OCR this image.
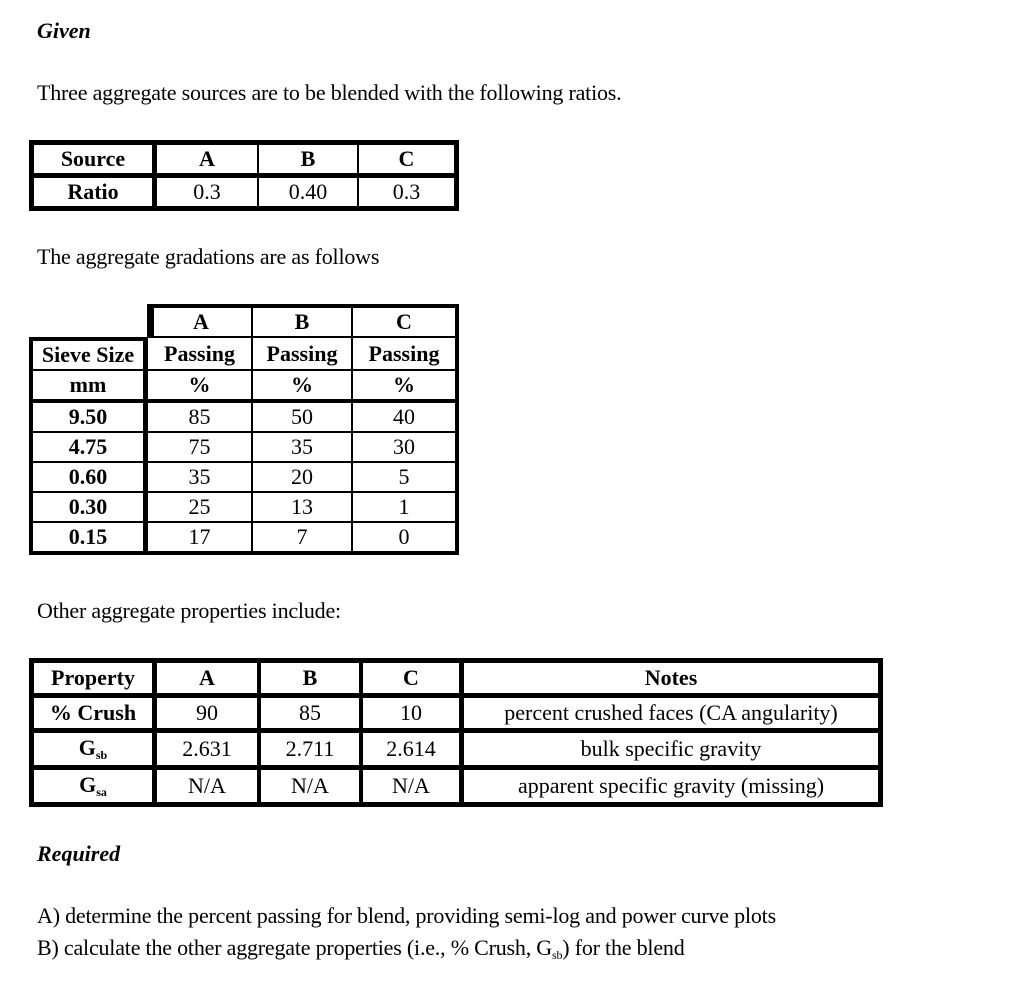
Given
Three aggregate sources are to be blended with the following ratios.
Source	A	B	C
Ratio	0.3	0.40	0.3
The aggregate gradations are as follows
	A	B	C
Sieve Size	Passing	Passing	Passing
mm	%	%	%
9.50	85	50	40
4.75	75	35	30
0.60	35	20	5
0.30	25	13	1
0.15	17	7	0
Other aggregate properties include:
Property	A	B	C	Notes
% Crush	90	85	10	percent crushed faces (CA angularity)
$G_{sb}$	2.631	2.711	2.614	bulk specific gravity
$G_{sa}$	N/A	N/A	N/A	apparent specific gravity (missing)
Required
A) determine the percent passing for blend, providing semi-log and power curve plots
B) calculate the other aggregate properties (i.e., % Crush, $G_{sb}$) for the blend
